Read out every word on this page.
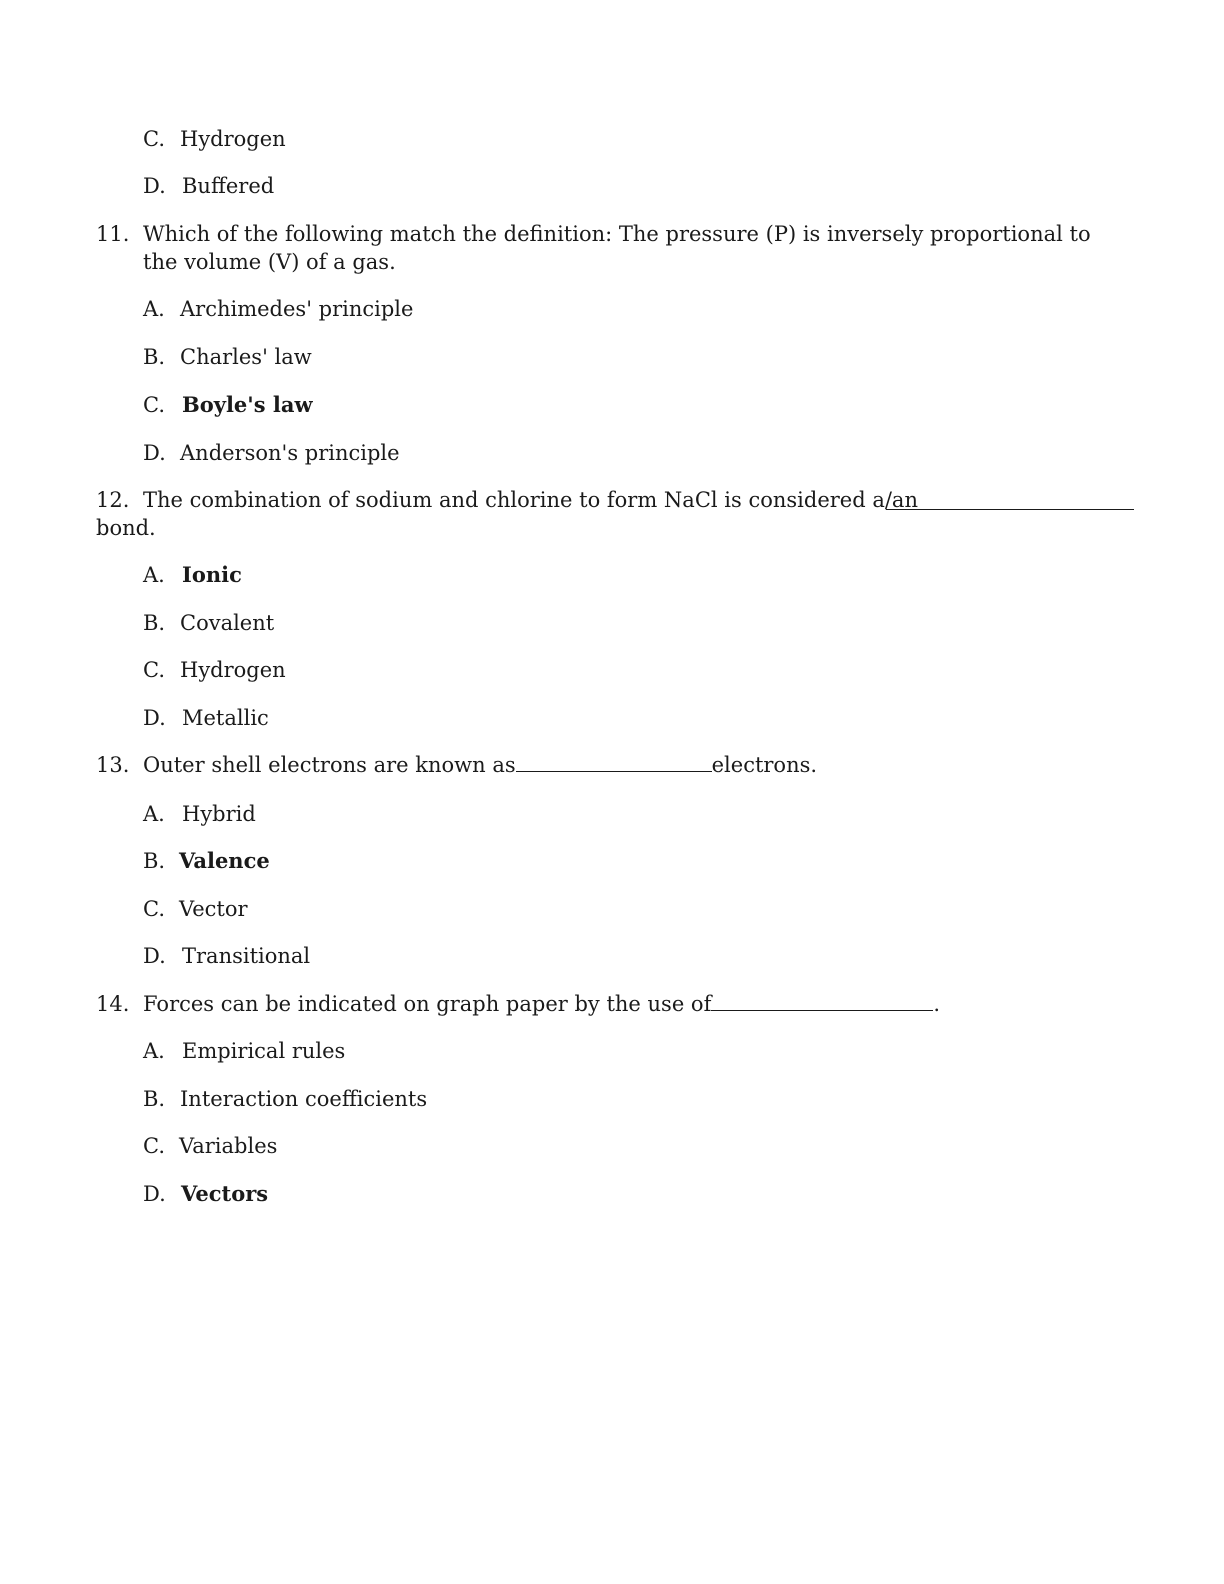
C. Hydrogen
D. Buffered
11. Which of the following match the definition: The pressure (P) is inversely proportional to
the volume (V) of a gas.
A. Archimedes' principle
B. Charles' law
C. Boyle's law
D. Anderson's principle
12. The combination of sodium and chlorine to form NaCl is considered a/an
bond.
A. Ionic
B. Covalent
C. Hydrogen
D. Metallic
13. Outer shell electrons are known as	electrons.
A. Hybrid
B. Valence
C. Vector
D. Transitional
14. Forces can be indicated on graph paper by the use of	.
A. Empirical rules
B. Interaction coefficients
C. Variables
D. Vectors
